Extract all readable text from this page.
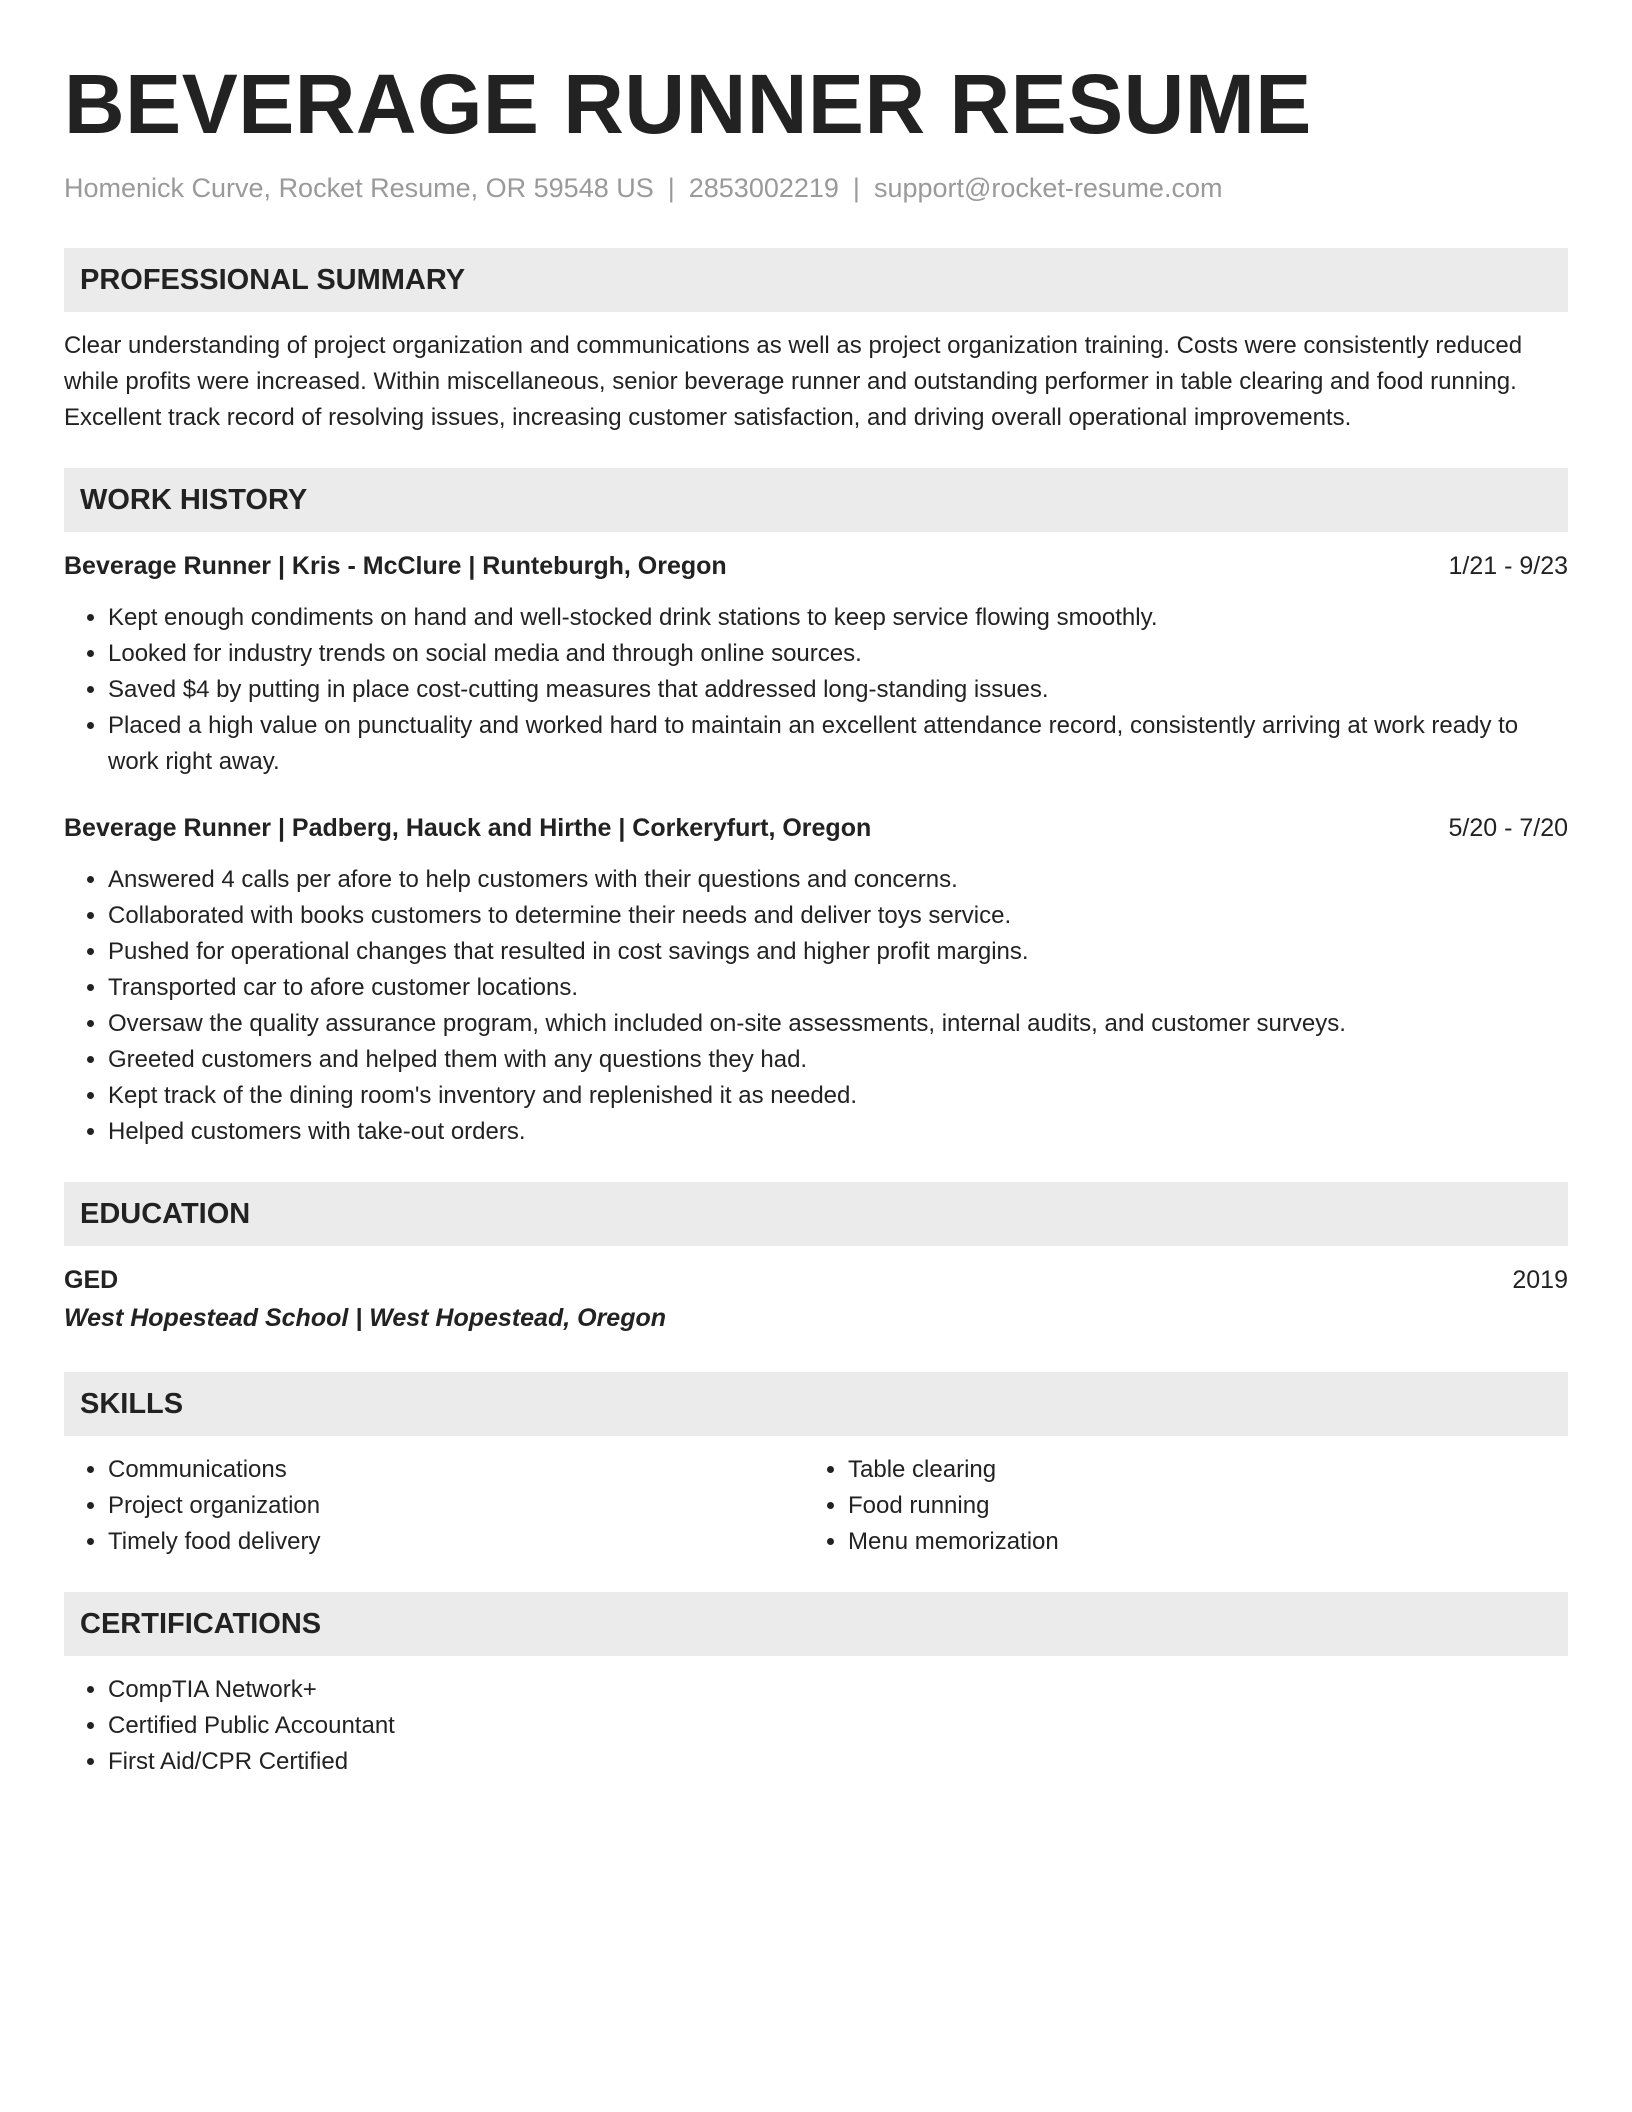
BEVERAGE RUNNER RESUME
Homenick Curve, Rocket Resume, OR 59548 US | 2853002219 | support@rocket-resume.com
PROFESSIONAL SUMMARY

Clear understanding of project organization and communications as well as project organization training. Costs were consistently reduced while profits were increased. Within miscellaneous, senior beverage runner and outstanding performer in table clearing and food running. Excellent track record of resolving issues, increasing customer satisfaction, and driving overall operational improvements.

WORK HISTORY
Beverage Runner | Kris - McClure | Runteburgh, Oregon	1/21 - 9/23
• Kept enough condiments on hand and well-stocked drink stations to keep service flowing smoothly.
• Looked for industry trends on social media and through online sources.
• Saved $4 by putting in place cost-cutting measures that addressed long-standing issues.
• Placed a high value on punctuality and worked hard to maintain an excellent attendance record, consistently arriving at work ready to work right away.
Beverage Runner | Padberg, Hauck and Hirthe | Corkeryfurt, Oregon	5/20 - 7/20
• Answered 4 calls per afore to help customers with their questions and concerns.
• Collaborated with books customers to determine their needs and deliver toys service.
• Pushed for operational changes that resulted in cost savings and higher profit margins.
• Transported car to afore customer locations.
• Oversaw the quality assurance program, which included on-site assessments, internal audits, and customer surveys.
• Greeted customers and helped them with any questions they had.
• Kept track of the dining room's inventory and replenished it as needed.
• Helped customers with take-out orders.
EDUCATION
GED	2019
West Hopestead School | West Hopestead, Oregon
SKILLS
• Communications
• Project organization
• Timely food delivery
• Table clearing
• Food running
• Menu memorization
CERTIFICATIONS
• CompTIA Network+
• Certified Public Accountant
• First Aid/CPR Certified
